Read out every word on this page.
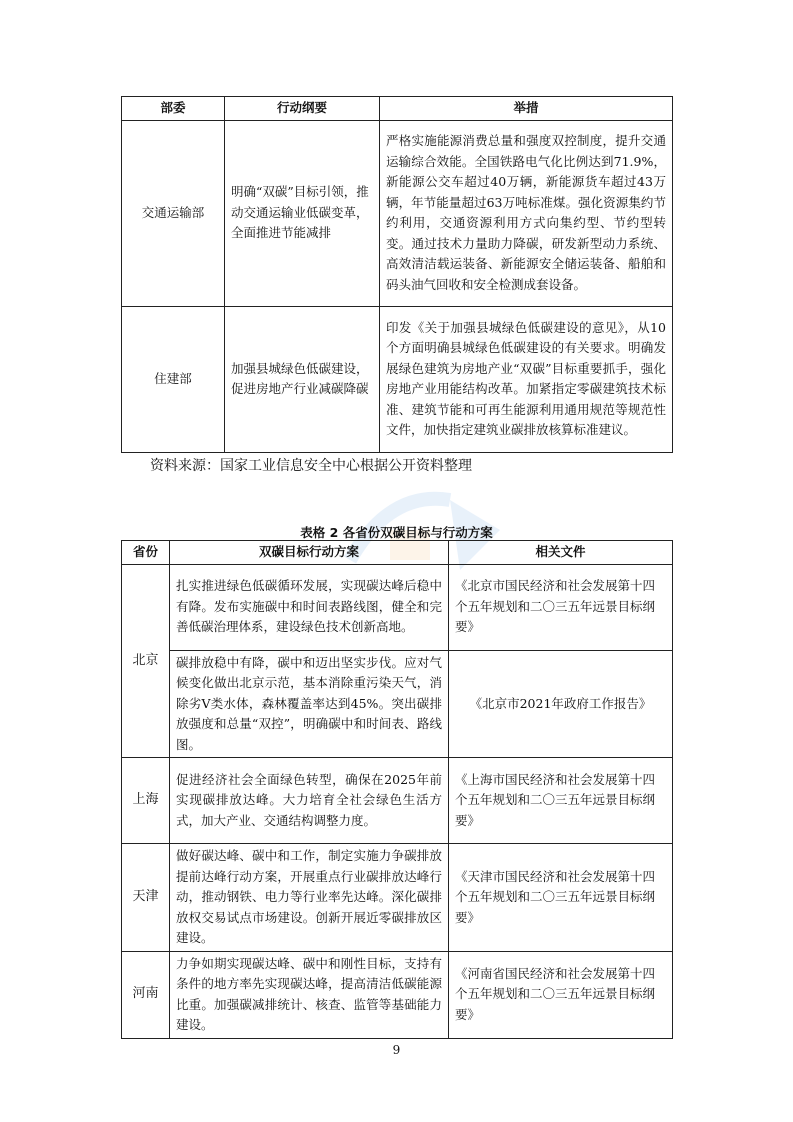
部委	行动纲要	举措
交通运输部	明确“双碳”目标引领，推动交通运输业低碳变革，全面推进节能减排	严格实施能源消费总量和强度双控制度，提升交通运输综合效能。全国铁路电气化比例达到71.9%，新能源公交车超过40万辆，新能源货车超过43万辆，年节能量超过63万吨标准煤。强化资源集约节约利用，交通资源利用方式向集约型、节约型转变。通过技术力量助力降碳，研发新型动力系统、高效清洁载运装备、新能源安全储运装备、船舶和码头油气回收和安全检测成套设备。
住建部	加强县城绿色低碳建设，促进房地产行业减碳降碳	印发《关于加强县城绿色低碳建设的意见》，从10个方面明确县城绿色低碳建设的有关要求。明确发展绿色建筑为房地产业“双碳”目标重要抓手，强化房地产业用能结构改革。加紧指定零碳建筑技术标准、建筑节能和可再生能源利用通用规范等规范性文件，加快指定建筑业碳排放核算标准建议。
资料来源：国家工业信息安全中心根据公开资料整理
表格 2 各省份双碳目标与行动方案
省份	双碳目标行动方案	相关文件
北京	扎实推进绿色低碳循环发展，实现碳达峰后稳中有降。发布实施碳中和时间表路线图，健全和完善低碳治理体系，建设绿色技术创新高地。	《北京市国民经济和社会发展第十四个五年规划和二〇三五年远景目标纲要》
	碳排放稳中有降，碳中和迈出坚实步伐。应对气候变化做出北京示范，基本消除重污染天气，消除劣Ⅴ类水体，森林覆盖率达到45%。突出碳排放强度和总量“双控”，明确碳中和时间表、路线图。	《北京市2021年政府工作报告》
上海	促进经济社会全面绿色转型，确保在2025年前实现碳排放达峰。大力培育全社会绿色生活方式，加大产业、交通结构调整力度。	《上海市国民经济和社会发展第十四个五年规划和二〇三五年远景目标纲要》
天津	做好碳达峰、碳中和工作，制定实施力争碳排放提前达峰行动方案，开展重点行业碳排放达峰行动，推动钢铁、电力等行业率先达峰。深化碳排放权交易试点市场建设。创新开展近零碳排放区建设。	《天津市国民经济和社会发展第十四个五年规划和二〇三五年远景目标纲要》
河南	力争如期实现碳达峰、碳中和刚性目标，支持有条件的地方率先实现碳达峰，提高清洁低碳能源比重。加强碳减排统计、核查、监管等基础能力建设。	《河南省国民经济和社会发展第十四个五年规划和二〇三五年远景目标纲要》
9
